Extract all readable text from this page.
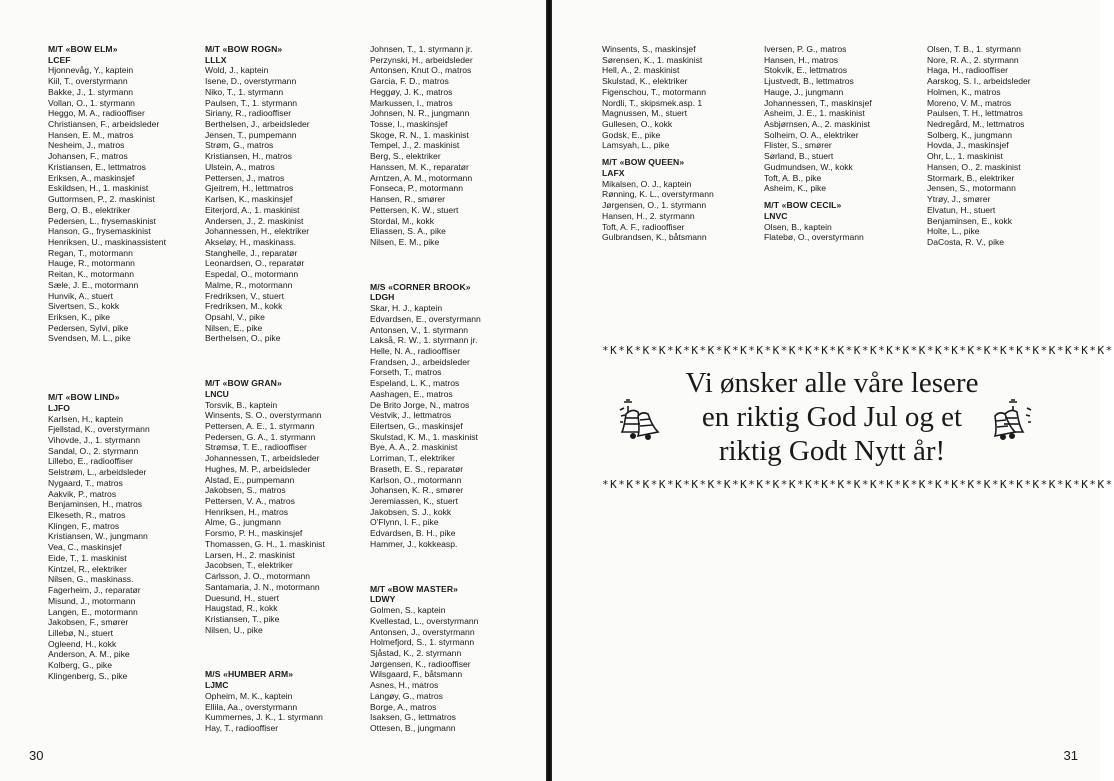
M/T «BOW ELM»
LCEF
Hjonnevåg, Y., kaptein
Kiil, T., overstyrmann
Bakke, J., 1. styrmann
Vollan, O., 1. styrmann
Heggo, M. A., radiooffiser
Christiansen, F., arbeidsleder
Hansen, E. M., matros
Nesheim, J., matros
Johansen, F., matros
Kristiansen, E., lettmatros
Eriksen, A., maskinsjef
Eskildsen, H., 1. maskinist
Guttormsen, P., 2. maskinist
Berg, O. B., elektriker
Pedersen, L., frysemaskinist
Hanson, G., frysemaskinist
Henriksen, U., maskinassistent
Regan, T., motormann
Hauge, R., motormann
Reitan, K., motormann
Sæle, J. E., motormann
Hunvik, A., stuert
Sivertsen, S., kokk
Eriksen, K., pike
Pedersen, Sylvi, pike
Svendsen, M. L., pike
M/T «BOW LIND»
LJFO
Karlsen, H., kaptein
Fjellstad, K., overstyrmann
Vihovde, J., 1. styrmann
Sandal, O., 2. styrmann
Lillebo, E., radiooffiser
Selstrøm, L., arbeidsleder
Nygaard, T., matros
Aakvik, P., matros
Benjaminsen, H., matros
Elkeseth, R., matros
Klingen, F., matros
Kristiansen, W., jungmann
Vea, C., maskinsjef
Eide, T., 1. maskinist
Kintzel, R., elektriker
Nilsen, G., maskinass.
Fagerheim, J., reparatør
Misund, J., motormann
Langen, E., motormann
Jakobsen, F., smører
Lillebø, N., stuert
Ogleend, H., kokk
Anderson, A. M., pike
Kolberg, G., pike
Klingenberg, S., pike
M/T «BOW ROGN»
LLLX
Wold, J., kaptein
Isene, D., overstyrmann
Niko, T., 1. styrmann
Paulsen, T., 1. styrmann
Siriany, R., radiooffiser
Berthelsen, J., arbeidsleder
Jensen, T., pumpemann
Strøm, G., matros
Kristiansen, H., matros
Ulstein, A., matros
Pettersen, J., matros
Gjeitrem, H., lettmatros
Karlsen, K., maskinsjef
Eiterjord, A., 1. maskinist
Andersen, J., 2. maskinist
Johannessen, H., elektriker
Akseløy, H., maskinass.
Stanghelle, J., reparatør
Leonardsen, O., reparatør
Espedal, O., motormann
Malme, R., motormann
Fredriksen, V., stuert
Fredriksen, M., kokk
Opsahl, V., pike
Nilsen, E., pike
Berthelsen, O., pike
M/T «BOW GRAN»
LNCU
Torsvik, B., kaptein
Winsents, S. O., overstyrmann
Pettersen, A. E., 1. styrmann
Pedersen, G. A., 1. styrmann
Strømsø, T. E., radiooffiser
Johannessen, T., arbeidsleder
Hughes, M. P., arbeidsleder
Alstad, E., pumpemann
Jakobsen, S., matros
Pettersen, V. A., matros
Henriksen, H., matros
Alme, G., jungmann
Forsmo, P. H., maskinsjef
Thomassen, G. H., 1. maskinist
Larsen, H., 2. maskinist
Jacobsen, T., elektriker
Carlsson, J. O., motormann
Santamaria, J. N., motormann
Duesund, H., stuert
Haugstad, R., kokk
Kristiansen, T., pike
Nilsen, U., pike
M/S «HUMBER ARM»
LJMC
Opheim, M. K., kaptein
Ellila, Aa., overstyrmann
Kummernes, J. K., 1. styrmann
Hay, T., radiooffiser
Johnsen, T., 1. styrmann jr.
Perzynski, H., arbeidsleder
Antonsen, Knut O., matros
Garcia, F. D., matros
Heggøy, J. K., matros
Markussen, I., matros
Johnsen, N. R., jungmann
Tosse, I., maskinsjef
Skoge, R. N., 1. maskinist
Tempel, J., 2. maskinist
Berg, S., elektriker
Hanssen, M. K., reparatør
Arntzen, A. M., motormann
Fonseca, P., motormann
Hansen, R., smører
Pettersen, K. W., stuert
Stordal, M., kokk
Eliassen, S. A., pike
Nilsen, E. M., pike
M/S «CORNER BROOK»
LDGH
Skar, H. J., kaptein
Edvardsen, E., overstyrmann
Antonsen, V., 1. styrmann
Lakså, R. W., 1. styrmann jr.
Helle, N. A., radiooffiser
Frandsen, J., arbeidsleder
Forseth, T., matros
Espeland, L. K., matros
Aashagen, E., matros
De Brito Jorge, N., matros
Vestvik, J., lettmatros
Eilertsen, G., maskinsjef
Skulstad, K. M., 1. maskinist
Bye, A. A., 2. maskinist
Lorriman, T., elektriker
Braseth, E. S., reparatør
Karlson, O., motormann
Johansen, K. R., smører
Jeremiassen, K., stuert
Jakobsen, S. J., kokk
O'Flynn, I. F., pike
Edvardsen, B. H., pike
Hammer, J., kokkeasp.
M/T «BOW MASTER»
LDWY
Golmen, S., kaptein
Kvellestad, L., overstyrmann
Antonsen, J., overstyrmann
Holmefjord, S., 1. styrmann
Sjåstad, K., 2. styrmann
Jørgensen, K., radiooffiser
Wilsgaard, F., båtsmann
Asnes, H., matros
Langøy, G., matros
Borge, A., matros
Isaksen, G., lettmatros
Ottesen, B., jungmann
30
Winsents, S., maskinsjef
Sørensen, K., 1. maskinist
Hell, A., 2. maskinist
Skulstad, K., elektriker
Figenschou, T., motormann
Nordli, T., skipsmek.asp. 1
Magnussen, M., stuert
Gullesen, O., kokk
Godsk, E., pike
Lamsyah, L., pike
M/T «BOW QUEEN»
LAFX
Mikalsen, O. J., kaptein
Rønning, K. L., overstyrmann
Jørgensen, O., 1. styrmann
Hansen, H., 2. styrmann
Toft, A. F., radiooffiser
Gulbrandsen, K., båtsmann
Iversen, P. G., matros
Hansen, H., matros
Stokvik, E., lettmatros
Ljustvedt, B., lettmatros
Hauge, J., jungmann
Johannessen, T., maskinsjef
Asheim, J. E., 1. maskinist
Asbjørnsen, A., 2. maskinist
Solheim, O. A., elektriker
Flister, S., smører
Sørland, B., stuert
Gudmundsen, W., kokk
Toft, A. B., pike
Asheim, K., pike
M/T «BOW CECIL»
LNVC
Olsen, B., kaptein
Flatebø, O., overstyrmann
Olsen, T. B., 1. styrmann
Nore, R. A., 2. styrmann
Haga, H., radiooffiser
Aarskog, S. I., arbeidsleder
Holmen, K., matros
Moreno, V. M., matros
Paulsen, T. H., lettmatros
Nedregård, M., lettmatros
Solberg, K., jungmann
Hovda, J., maskinsjef
Ohr, L., 1. maskinist
Hansen, O., 2. maskinist
Stormark, B., elektriker
Jensen, S., motormann
Ytrøy, J., smører
Elvatun, H., stuert
Benjaminsen, E., kokk
Holte, L., pike
DaCosta, R. V., pike
*K*K*K*K*K*K*K*K*K*K*K*K*K*K*K*K*K*K*K*K*K*K*K*K*K*K*K*K*K*K*K*
Vi ønsker alle våre lesere
en riktig God Jul og et
riktig Godt Nytt år!
*K*K*K*K*K*K*K*K*K*K*K*K*K*K*K*K*K*K*K*K*K*K*K*K*K*K*K*K*K*K*K*
31
